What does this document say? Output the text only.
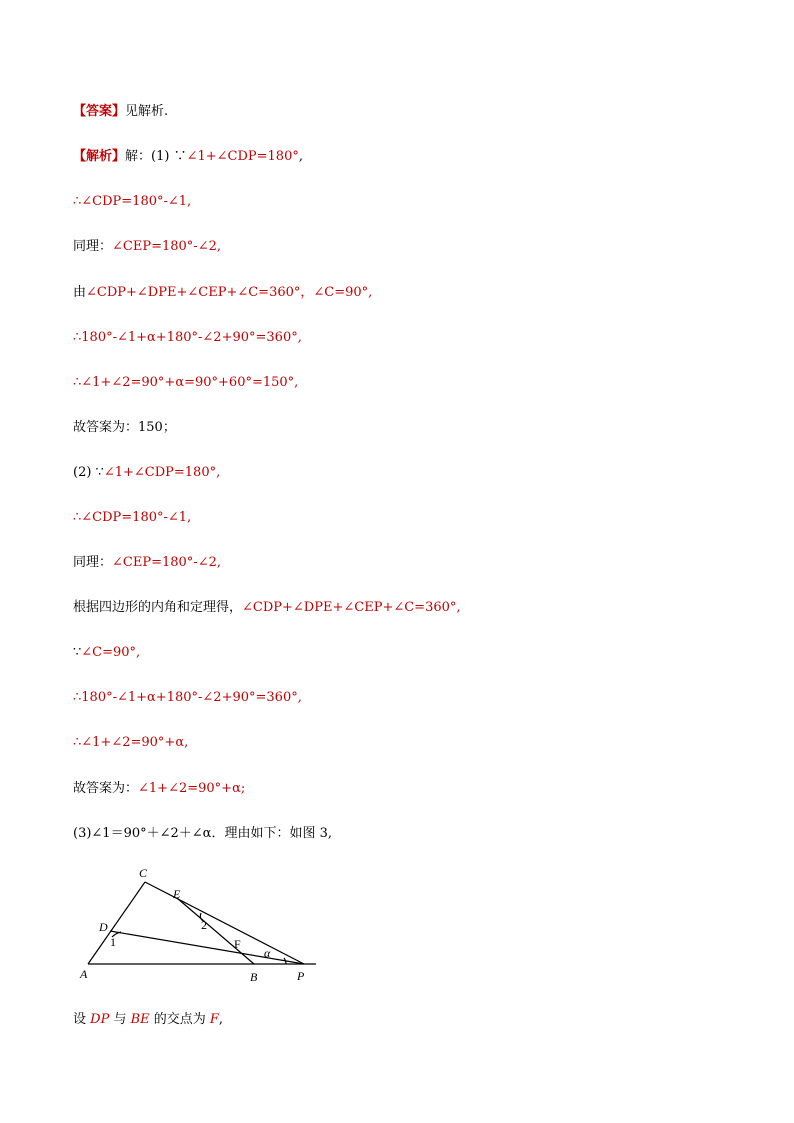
【答案】见解析.
【解析】解：(1) ∵∠1+∠CDP=180°,
∴∠CDP=180°-∠1,
同理：∠CEP=180°-∠2,
由∠CDP+∠DPE+∠CEP+∠C=360°，∠C=90°,
∴180°-∠1+α+180°-∠2+90°=360°,
∴∠1+∠2=90°+α=90°+60°=150°,
故答案为：150；
(2) ∵∠1+∠CDP=180°,
∴∠CDP=180°-∠1,
同理：∠CEP=180°-∠2,
根据四边形的内角和定理得，∠CDP+∠DPE+∠CEP+∠C=360°,
∵∠C=90°,
∴180°-∠1+α+180°-∠2+90°=360°,
∴∠1+∠2=90°+α,
故答案为：∠1+∠2=90°+α;
(3)∠1＝90°＋∠2＋∠α．理由如下：如图 3,
C
E
D
1
2
F
α
A	B	P
设 DP 与 BE 的交点为 F,
